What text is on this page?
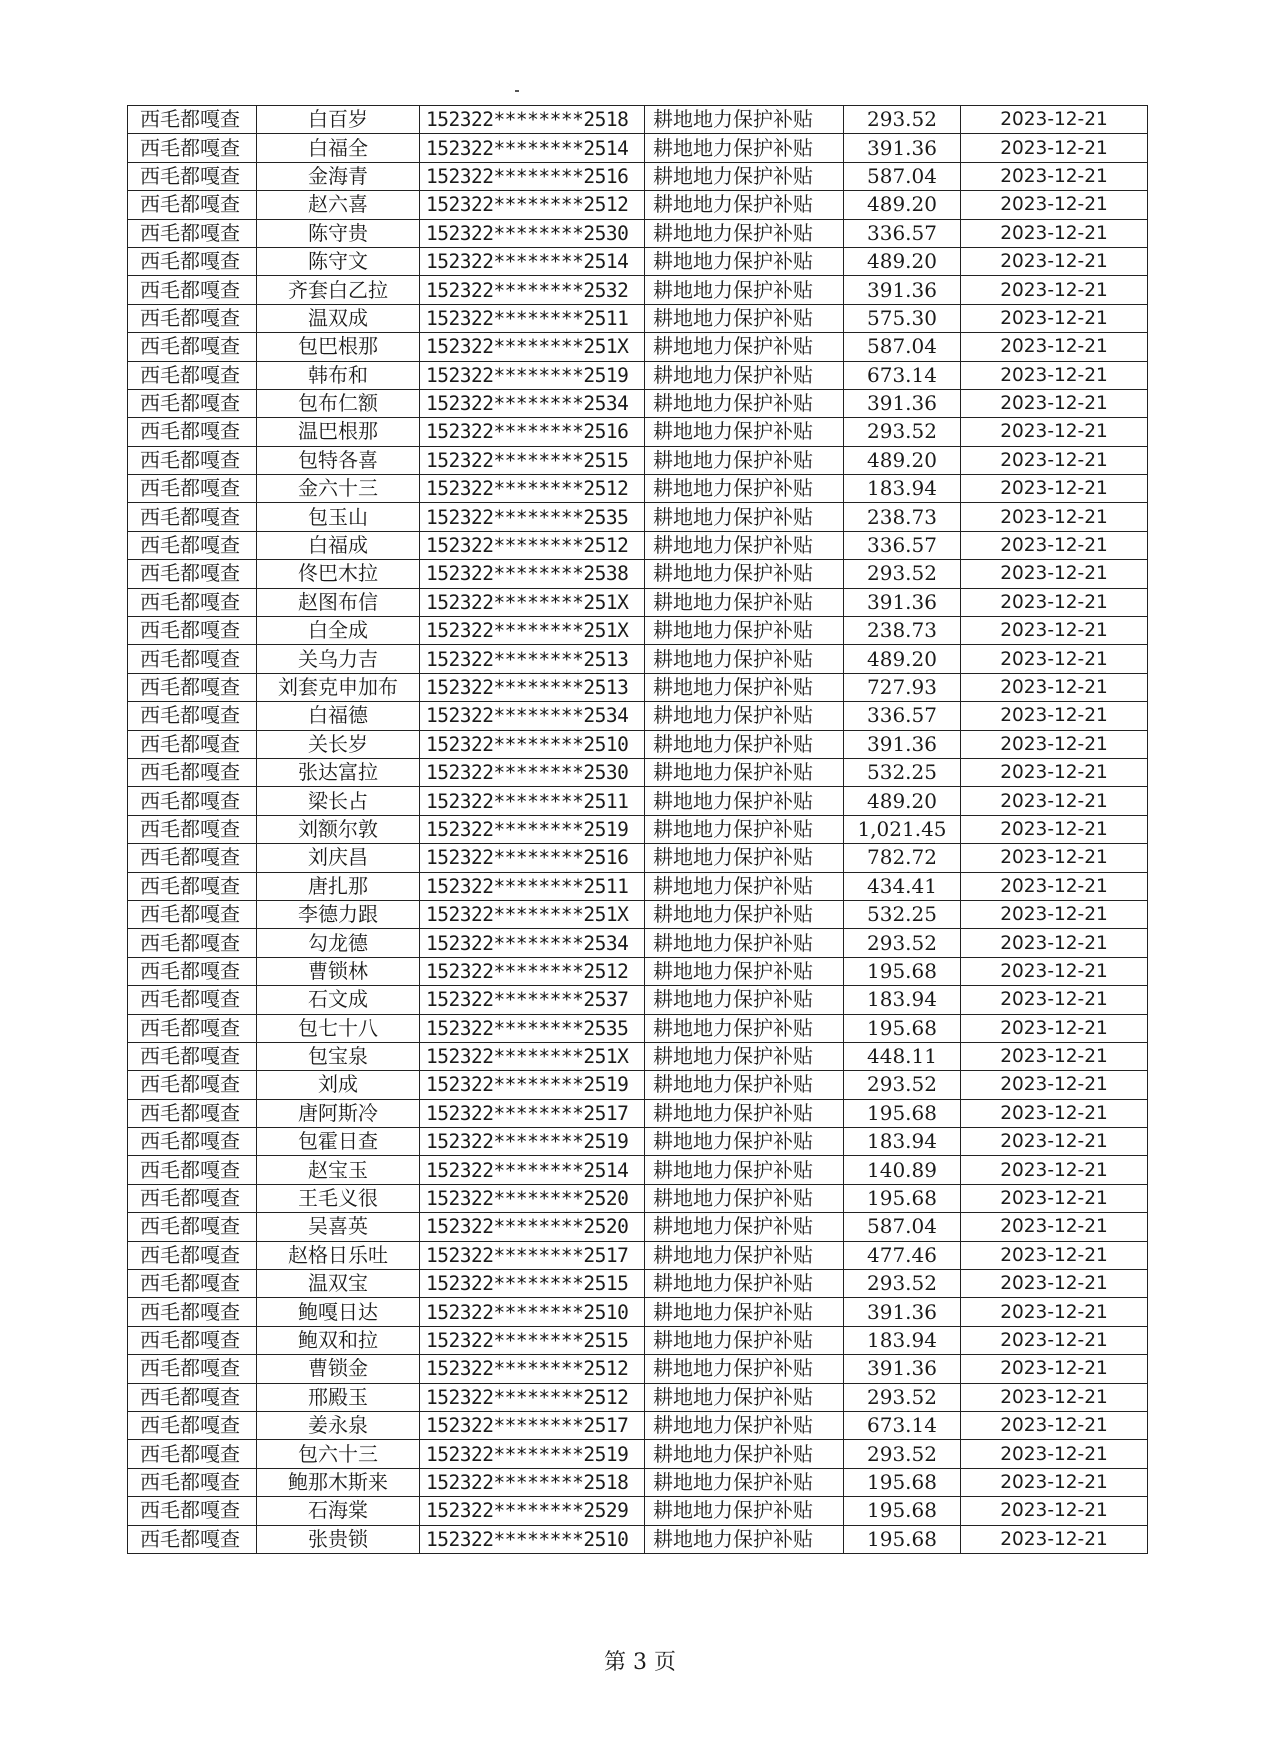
西毛都嘎查	白百岁	152322********2518	耕地地力保护补贴	293.52	2023-12-21
西毛都嘎查	白福全	152322********2514	耕地地力保护补贴	391.36	2023-12-21
西毛都嘎查	金海青	152322********2516	耕地地力保护补贴	587.04	2023-12-21
西毛都嘎查	赵六喜	152322********2512	耕地地力保护补贴	489.20	2023-12-21
西毛都嘎查	陈守贵	152322********2530	耕地地力保护补贴	336.57	2023-12-21
西毛都嘎查	陈守文	152322********2514	耕地地力保护补贴	489.20	2023-12-21
西毛都嘎查	齐套白乙拉	152322********2532	耕地地力保护补贴	391.36	2023-12-21
西毛都嘎查	温双成	152322********2511	耕地地力保护补贴	575.30	2023-12-21
西毛都嘎查	包巴根那	152322********251X	耕地地力保护补贴	587.04	2023-12-21
西毛都嘎查	韩布和	152322********2519	耕地地力保护补贴	673.14	2023-12-21
西毛都嘎查	包布仁额	152322********2534	耕地地力保护补贴	391.36	2023-12-21
西毛都嘎查	温巴根那	152322********2516	耕地地力保护补贴	293.52	2023-12-21
西毛都嘎查	包特各喜	152322********2515	耕地地力保护补贴	489.20	2023-12-21
西毛都嘎查	金六十三	152322********2512	耕地地力保护补贴	183.94	2023-12-21
西毛都嘎查	包玉山	152322********2535	耕地地力保护补贴	238.73	2023-12-21
西毛都嘎查	白福成	152322********2512	耕地地力保护补贴	336.57	2023-12-21
西毛都嘎查	佟巴木拉	152322********2538	耕地地力保护补贴	293.52	2023-12-21
西毛都嘎查	赵图布信	152322********251X	耕地地力保护补贴	391.36	2023-12-21
西毛都嘎查	白全成	152322********251X	耕地地力保护补贴	238.73	2023-12-21
西毛都嘎查	关乌力吉	152322********2513	耕地地力保护补贴	489.20	2023-12-21
西毛都嘎查	刘套克申加布	152322********2513	耕地地力保护补贴	727.93	2023-12-21
西毛都嘎查	白福德	152322********2534	耕地地力保护补贴	336.57	2023-12-21
西毛都嘎查	关长岁	152322********2510	耕地地力保护补贴	391.36	2023-12-21
西毛都嘎查	张达富拉	152322********2530	耕地地力保护补贴	532.25	2023-12-21
西毛都嘎查	梁长占	152322********2511	耕地地力保护补贴	489.20	2023-12-21
西毛都嘎查	刘额尔敦	152322********2519	耕地地力保护补贴	1,021.45	2023-12-21
西毛都嘎查	刘庆昌	152322********2516	耕地地力保护补贴	782.72	2023-12-21
西毛都嘎查	唐扎那	152322********2511	耕地地力保护补贴	434.41	2023-12-21
西毛都嘎查	李德力跟	152322********251X	耕地地力保护补贴	532.25	2023-12-21
西毛都嘎查	勾龙德	152322********2534	耕地地力保护补贴	293.52	2023-12-21
西毛都嘎查	曹锁林	152322********2512	耕地地力保护补贴	195.68	2023-12-21
西毛都嘎查	石文成	152322********2537	耕地地力保护补贴	183.94	2023-12-21
西毛都嘎查	包七十八	152322********2535	耕地地力保护补贴	195.68	2023-12-21
西毛都嘎查	包宝泉	152322********251X	耕地地力保护补贴	448.11	2023-12-21
西毛都嘎查	刘成	152322********2519	耕地地力保护补贴	293.52	2023-12-21
西毛都嘎查	唐阿斯冷	152322********2517	耕地地力保护补贴	195.68	2023-12-21
西毛都嘎查	包霍日查	152322********2519	耕地地力保护补贴	183.94	2023-12-21
西毛都嘎查	赵宝玉	152322********2514	耕地地力保护补贴	140.89	2023-12-21
西毛都嘎查	王毛义很	152322********2520	耕地地力保护补贴	195.68	2023-12-21
西毛都嘎查	吴喜英	152322********2520	耕地地力保护补贴	587.04	2023-12-21
西毛都嘎查	赵格日乐吐	152322********2517	耕地地力保护补贴	477.46	2023-12-21
西毛都嘎查	温双宝	152322********2515	耕地地力保护补贴	293.52	2023-12-21
西毛都嘎查	鲍嘎日达	152322********2510	耕地地力保护补贴	391.36	2023-12-21
西毛都嘎查	鲍双和拉	152322********2515	耕地地力保护补贴	183.94	2023-12-21
西毛都嘎查	曹锁金	152322********2512	耕地地力保护补贴	391.36	2023-12-21
西毛都嘎查	邢殿玉	152322********2512	耕地地力保护补贴	293.52	2023-12-21
西毛都嘎查	姜永泉	152322********2517	耕地地力保护补贴	673.14	2023-12-21
西毛都嘎查	包六十三	152322********2519	耕地地力保护补贴	293.52	2023-12-21
西毛都嘎查	鲍那木斯来	152322********2518	耕地地力保护补贴	195.68	2023-12-21
西毛都嘎查	石海棠	152322********2529	耕地地力保护补贴	195.68	2023-12-21
西毛都嘎查	张贵锁	152322********2510	耕地地力保护补贴	195.68	2023-12-21
第 3 页
